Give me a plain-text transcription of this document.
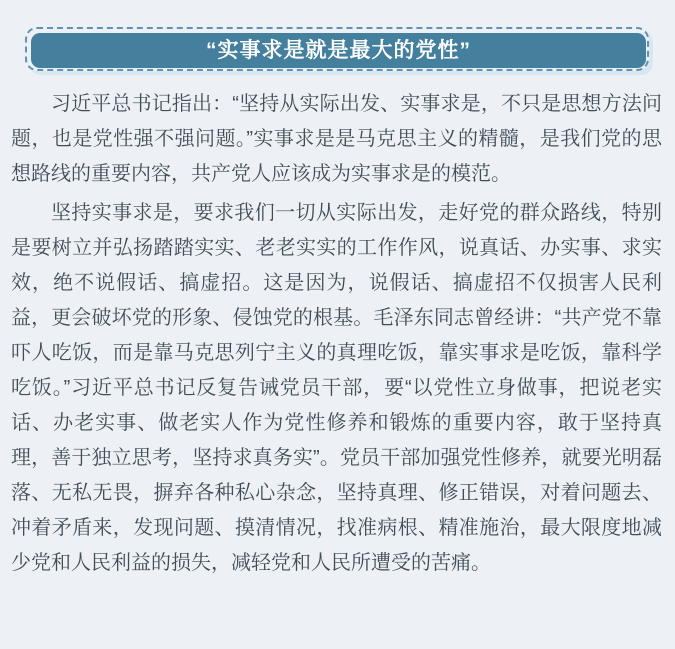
“实事求是就是最大的党性”

习近平总书记指出：“坚持从实际出发、实事求是，不只是思想方法问题，也是党性强不强问题。”实事求是是马克思主义的精髓，是我们党的思想路线的重要内容，共产党人应该成为实事求是的模范。

坚持实事求是，要求我们一切从实际出发，走好党的群众路线，特别是要树立并弘扬踏踏实实、老老实实的工作作风，说真话、办实事、求实效，绝不说假话、搞虚招。这是因为，说假话、搞虚招不仅损害人民利益，更会破坏党的形象、侵蚀党的根基。毛泽东同志曾经讲：“共产党不靠吓人吃饭，而是靠马克思列宁主义的真理吃饭，靠实事求是吃饭，靠科学吃饭。”习近平总书记反复告诫党员干部，要“以党性立身做事，把说老实话、办老实事、做老实人作为党性修养和锻炼的重要内容，敢于坚持真理，善于独立思考，坚持求真务实”。党员干部加强党性修养，就要光明磊落、无私无畏，摒弃各种私心杂念，坚持真理、修正错误，对着问题去、冲着矛盾来，发现问题、摸清情况，找准病根、精准施治，最大限度地减少党和人民利益的损失，减轻党和人民所遭受的苦痛。
